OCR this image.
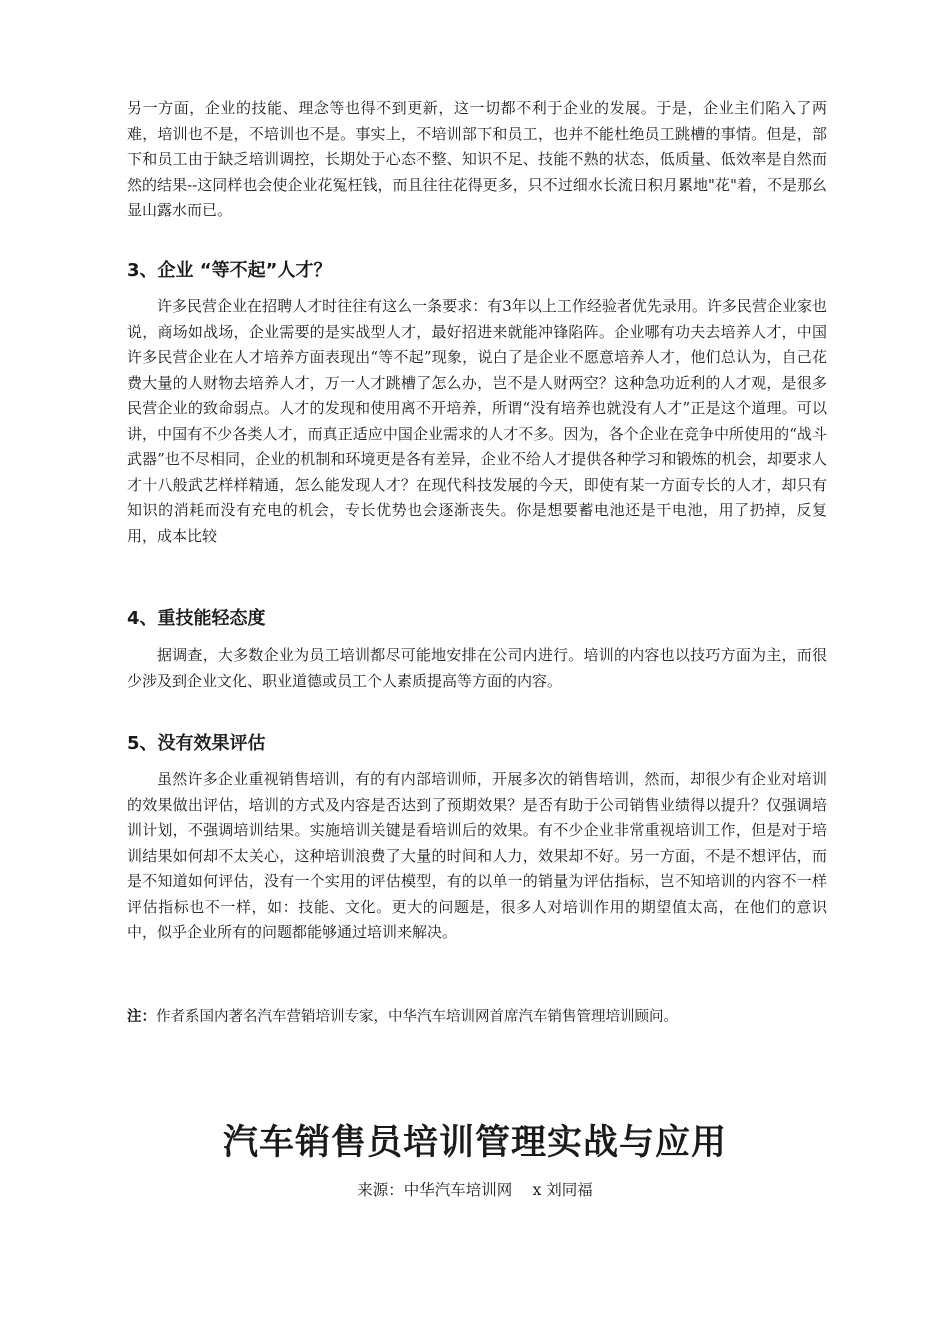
另一方面，企业的技能、理念等也得不到更新，这一切都不利于企业的发展。于是，企业主们陷入了两难，培训也不是，不培训也不是。事实上，不培训部下和员工，也并不能杜绝员工跳槽的事情。但是，部下和员工由于缺乏培训调控，长期处于心态不整、知识不足、技能不熟的状态，低质量、低效率是自然而然的结果--这同样也会使企业花冤枉钱，而且往往花得更多，只不过细水长流日积月累地"花"着，不是那幺显山露水而已。

3、企业 “等不起”人才？

许多民营企业在招聘人才时往往有这么一条要求：有3年以上工作经验者优先录用。许多民营企业家也说，商场如战场，企业需要的是实战型人才，最好招进来就能冲锋陷阵。企业哪有功夫去培养人才，中国许多民营企业在人才培养方面表现出“等不起”现象，说白了是企业不愿意培养人才，他们总认为，自己花费大量的人财物去培养人才，万一人才跳槽了怎么办，岂不是人财两空？这种急功近利的人才观，是很多民营企业的致命弱点。人才的发现和使用离不开培养，所谓“没有培养也就没有人才”正是这个道理。可以讲，中国有不少各类人才，而真正适应中国企业需求的人才不多。因为，各个企业在竞争中所使用的“战斗武器”也不尽相同，企业的机制和环境更是各有差异，企业不给人才提供各种学习和锻炼的机会，却要求人才十八般武艺样样精通，怎么能发现人才？在现代科技发展的今天，即使有某一方面专长的人才，却只有知识的消耗而没有充电的机会，专长优势也会逐渐丧失。你是想要蓄电池还是干电池，用了扔掉，反复用，成本比较

4、重技能轻态度

据调查，大多数企业为员工培训都尽可能地安排在公司内进行。培训的内容也以技巧方面为主，而很少涉及到企业文化、职业道德或员工个人素质提高等方面的内容。

5、没有效果评估

虽然许多企业重视销售培训，有的有内部培训师，开展多次的销售培训，然而，却很少有企业对培训的效果做出评估，培训的方式及内容是否达到了预期效果？是否有助于公司销售业绩得以提升？仅强调培训计划，不强调培训结果。实施培训关键是看培训后的效果。有不少企业非常重视培训工作，但是对于培训结果如何却不太关心，这种培训浪费了大量的时间和人力，效果却不好。另一方面，不是不想评估，而是不知道如何评估，没有一个实用的评估模型，有的以单一的销量为评估指标，岂不知培训的内容不一样评估指标也不一样，如：技能、文化。更大的问题是，很多人对培训作用的期望值太高，在他们的意识中，似乎企业所有的问题都能够通过培训来解决。

注：作者系国内著名汽车营销培训专家，中华汽车培训网首席汽车销售管理培训顾问。

汽车销售员培训管理实战与应用

来源：中华汽车培训网　 x 刘同福
